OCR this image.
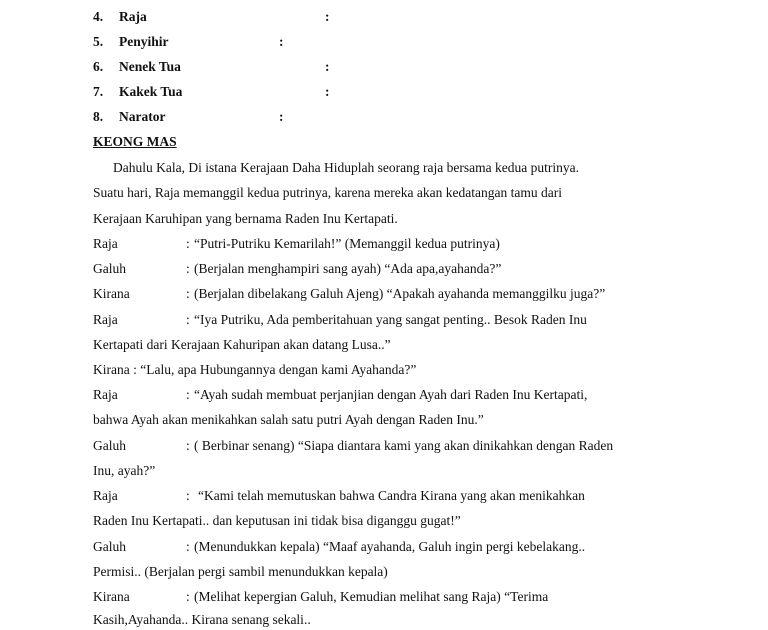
4. Raja	:
5. Penyihir	:
6. Nenek Tua	:
7. Kakek Tua	:
8. Narator	:
KEONG MAS
Dahulu Kala, Di istana Kerajaan Daha Hiduplah seorang raja bersama kedua putrinya.
Suatu hari, Raja memanggil kedua putrinya, karena mereka akan kedatangan tamu dari
Kerajaan Karuhipan yang bernama Raden Inu Kertapati.
Raja	: “Putri-Putriku Kemarilah!” (Memanggil kedua putrinya)
Galuh	: (Berjalan menghampiri sang ayah) “Ada apa,ayahanda?”
Kirana	: (Berjalan dibelakang Galuh Ajeng) “Apakah ayahanda memanggilku juga?”
Raja	: “Iya Putriku, Ada pemberitahuan yang sangat penting.. Besok Raden Inu
Kertapati dari Kerajaan Kahuripan akan datang Lusa..”
Kirana : “Lalu, apa Hubungannya dengan kami Ayahanda?”
Raja	: “Ayah sudah membuat perjanjian dengan Ayah dari Raden Inu Kertapati,
bahwa Ayah akan menikahkan salah satu putri Ayah dengan Raden Inu.”
Galuh	: ( Berbinar senang) “Siapa diantara kami yang akan dinikahkan dengan Raden
Inu, ayah?”
Raja	: “Kami telah memutuskan bahwa Candra Kirana yang akan menikahkan
Raden Inu Kertapati.. dan keputusan ini tidak bisa diganggu gugat!”
Galuh	: (Menundukkan kepala) “Maaf ayahanda, Galuh ingin pergi kebelakang..
Permisi.. (Berjalan pergi sambil menundukkan kepala)
Kirana	: (Melihat kepergian Galuh, Kemudian melihat sang Raja) “Terima
Kasih,Ayahanda.. Kirana senang sekali..
